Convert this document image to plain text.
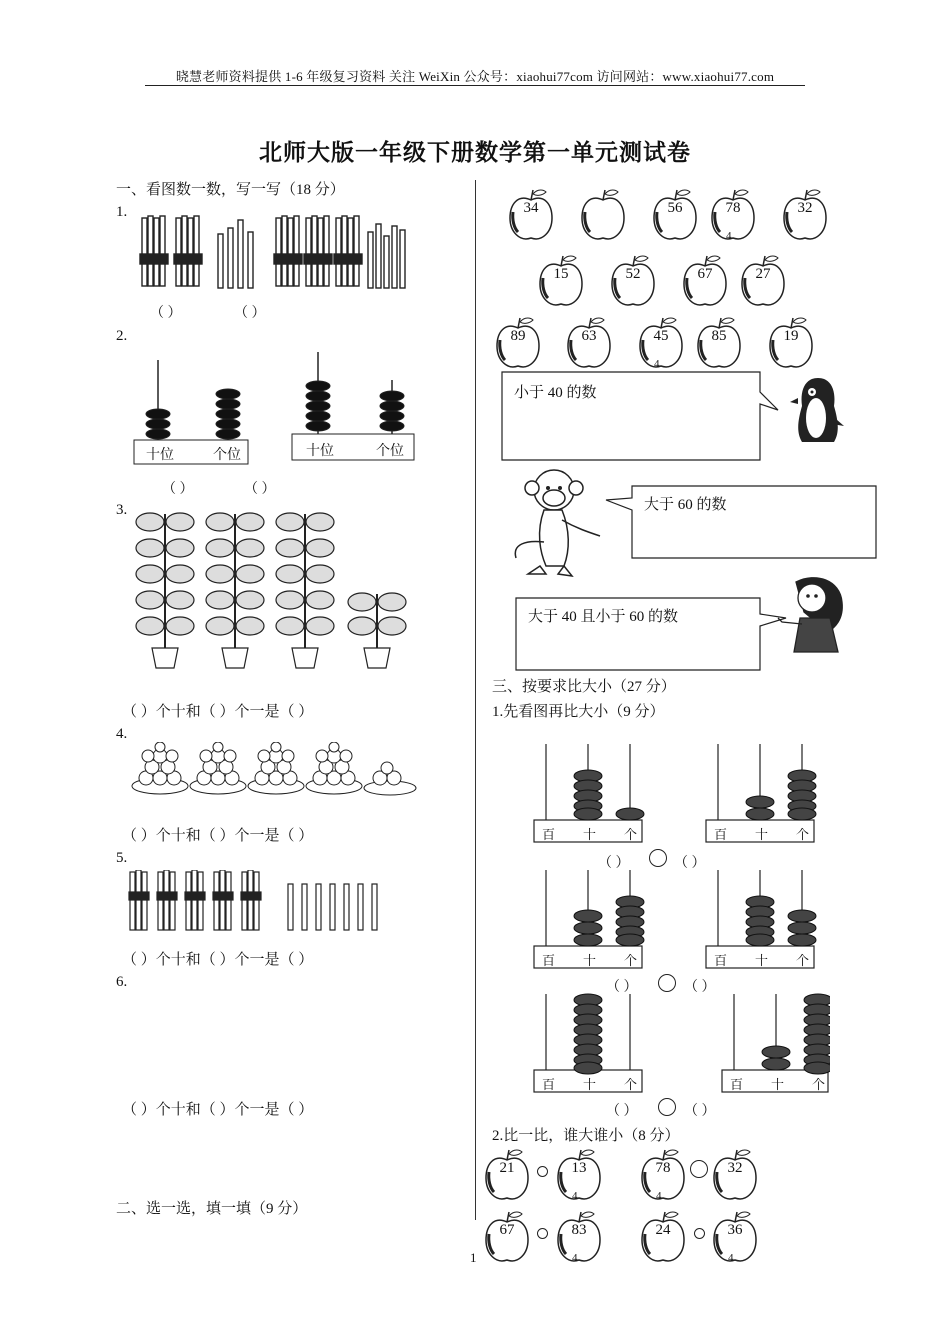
晓慧老师资料提供 1-6 年级复习资料 关注 WeiXin 公众号：xiaohui77com 访问网站：www.xiaohui77.com
北师大版一年级下册数学第一单元测试卷
一、看图数一数，写一写（18 分）
1.
（ ）	（ ）
2.
十位	个位	十位	个位
（ ）	（ ）
3.
（ ）个十和（ ）个一是（ ）
4.
（ ）个十和（ ）个一是（ ）
5.
（ ）个十和（ ）个一是（ ）
6.
（ ）个十和（ ）个一是（ ）
二、选一选，填一填（9 分）
34	56	78
4
32
15	52	67	27
89	63	45
4
85	19
小于 40 的数
大于 60 的数
大于 40 且小于 60 的数
三、按要求比大小（27 分）
1.先看图再比大小（9 分）
百 十 个	百 十 个
（ ）	（ ）
百 十 个	百 十 个
（ ）	（ ）
百 十 个	百 十 个
（ ）	（ ）
2.比一比，谁大谁小（8 分）
21	13
4
78
4
32
67	83
4
24	36
4
1
